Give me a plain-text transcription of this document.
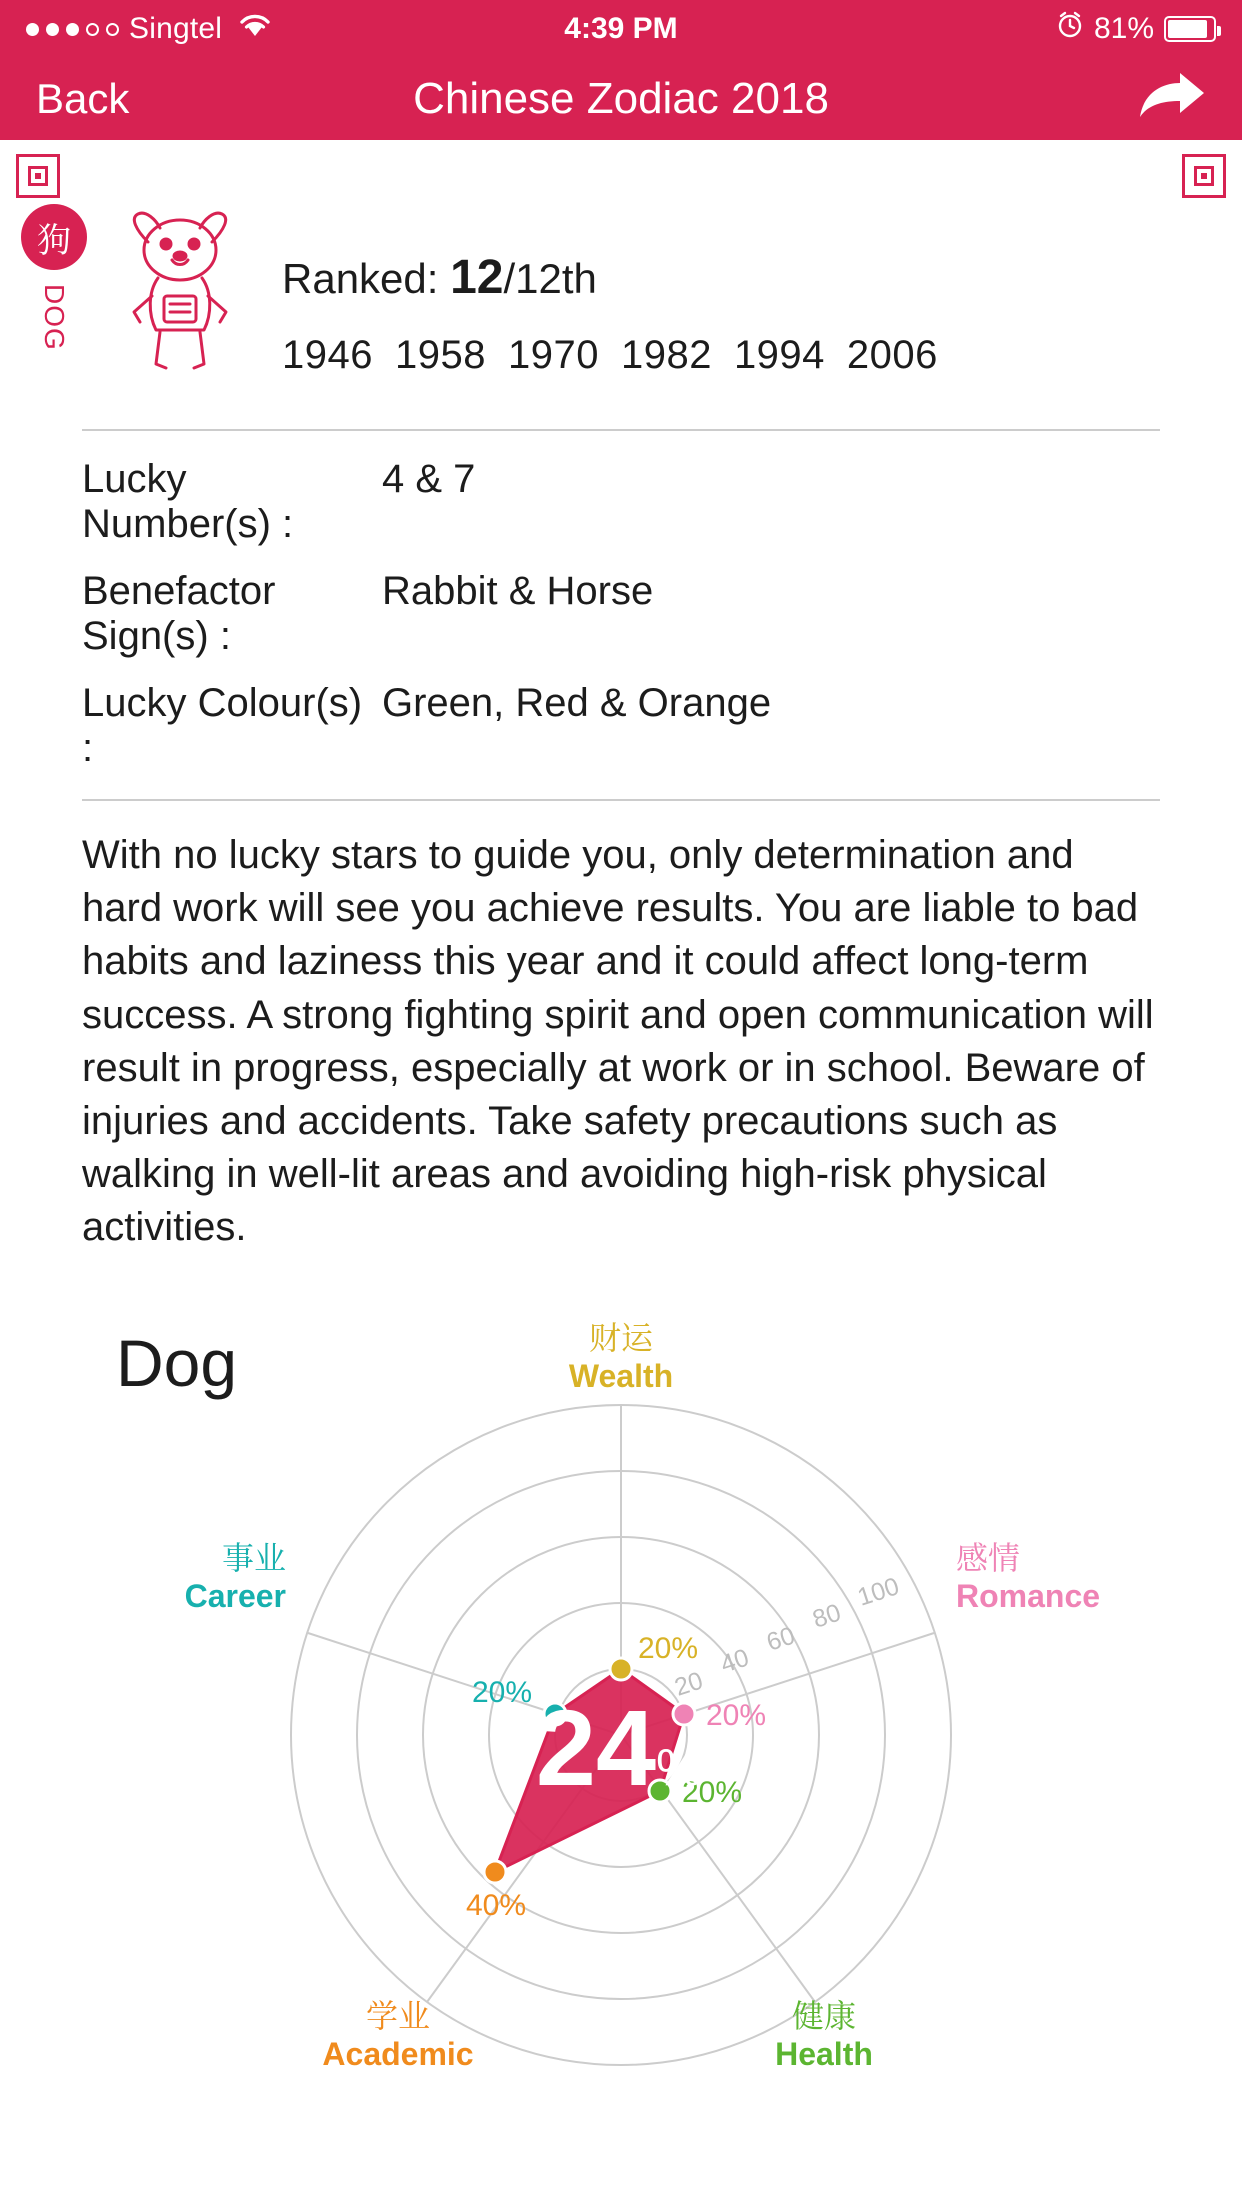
Singtel	4:39 PM	81%
Back	Chinese Zodiac 2018
狗
DOG
Ranked: 12/12th
1946 1958 1970 1982 1994 2006
Lucky Number(s) :
4 & 7
Benefactor Sign(s) :
Rabbit & Horse
Lucky Colour(s) :
Green, Red & Orange
With no lucky stars to guide you, only determination and hard work will see you achieve results. You are liable to bad habits and laziness this year and it could affect long-term success. A strong fighting spirit and open communication will result in progress, especially at work or in school. Beware of injuries and accidents. Take safety precautions such as walking in well-lit areas and avoiding high-risk physical activities.
Dog
20
40
60
80
100
20%
20%
20%
40%
20% 24 %
财运
Wealth
感情
Romance
健康
Health
学业
Academic
事业
Career
